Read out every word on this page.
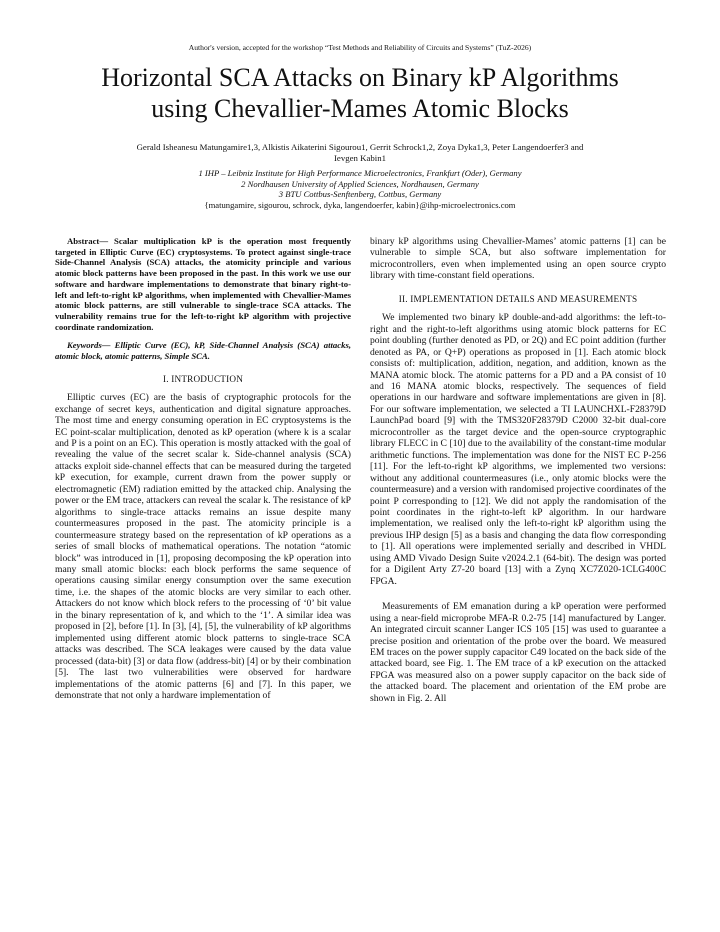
Author's version, accepted for the workshop “Test Methods and Reliability of Circuits and Systems” (TuZ-2026)
Horizontal SCA Attacks on Binary kP Algorithms
using Chevallier-Mames Atomic Blocks
Gerald Isheanesu Matungamire1,3, Alkistis Aikaterini Sigourou1, Gerrit Schrock1,2, Zoya Dyka1,3, Peter Langendoerfer3 and
Ievgen Kabin1
1 IHP – Leibniz Institute for High Performance Microelectronics, Frankfurt (Oder), Germany
2 Nordhausen University of Applied Sciences, Nordhausen, Germany
3 BTU Cottbus-Senftenberg, Cottbus, Germany
{matungamire, sigourou, schrock, dyka, langendoerfer, kabin}@ihp-microelectronics.com

Abstract— Scalar multiplication kP is the operation most frequently targeted in Elliptic Curve (EC) cryptosystems. To protect against single-trace Side-Channel Analysis (SCA) attacks, the atomicity principle and various atomic block patterns have been proposed in the past. In this work we use our software and hardware implementations to demonstrate that binary right-to-left and left-to-right kP algorithms, when implemented with Chevallier-Mames atomic block patterns, are still vulnerable to single-trace SCA attacks. The vulnerability remains true for the left-to-right kP algorithm with projective coordinate randomization.

Keywords— Elliptic Curve (EC), kP, Side-Channel Analysis (SCA) attacks, atomic block, atomic patterns, Simple SCA.

I. INTRODUCTION

Elliptic curves (EC) are the basis of cryptographic protocols for the exchange of secret keys, authentication and digital signature approaches. The most time and energy consuming operation in EC cryptosystems is the EC point-scalar multiplication, denoted as kP operation (where k is a scalar and P is a point on an EC). This operation is mostly attacked with the goal of revealing the value of the secret scalar k. Side-channel analysis (SCA) attacks exploit side-channel effects that can be measured during the targeted kP execution, for example, current drawn from the power supply or electromagnetic (EM) radiation emitted by the attacked chip. Analysing the power or the EM trace, attackers can reveal the scalar k. The resistance of kP algorithms to single-trace attacks remains an issue despite many countermeasures proposed in the past. The atomicity principle is a countermeasure strategy based on the representation of kP operations as a series of small blocks of mathematical operations. The notation “atomic block” was introduced in [1], proposing decomposing the kP operation into many small atomic blocks: each block performs the same sequence of operations causing similar energy consumption over the same execution time, i.e. the shapes of the atomic blocks are very similar to each other. Attackers do not know which block refers to the processing of ‘0’ bit value in the binary representation of k, and which to the ‘1’. A similar idea was proposed in [2], before [1]. In [3], [4], [5], the vulnerability of kP algorithms implemented using different atomic block patterns to single-trace SCA attacks was described. The SCA leakages were caused by the data value processed (data-bit) [3] or data flow (address-bit) [4] or by their combination [5]. The last two vulnerabilities were observed for hardware implementations of the atomic patterns [6] and [7]. In this paper, we demonstrate that not only a hardware implementation of

binary kP algorithms using Chevallier-Mames’ atomic patterns [1] can be vulnerable to simple SCA, but also software implementation for microcontrollers, even when implemented using an open source crypto library with time-constant field operations.

II. IMPLEMENTATION DETAILS AND MEASUREMENTS

We implemented two binary kP double-and-add algorithms: the left-to-right and the right-to-left algorithms using atomic block patterns for EC point doubling (further denoted as PD, or 2Q) and EC point addition (further denoted as PA, or Q+P) operations as proposed in [1]. Each atomic block consists of: multiplication, addition, negation, and addition, known as the MANA atomic block. The atomic patterns for a PD and a PA consist of 10 and 16 MANA atomic blocks, respectively. The sequences of field operations in our hardware and software implementations are given in [8]. For our software implementation, we selected a TI LAUNCHXL-F28379D LaunchPad board [9] with the TMS320F28379D C2000 32-bit dual-core microcontroller as the target device and the open-source cryptographic library FLECC in C [10] due to the availability of the constant-time modular arithmetic functions. The implementation was done for the NIST EC P-256 [11]. For the left-to-right kP algorithms, we implemented two versions: without any additional countermeasures (i.e., only atomic blocks were the countermeasure) and a version with randomised projective coordinates of the point P corresponding to [12]. We did not apply the randomisation of the point coordinates in the right-to-left kP algorithm. In our hardware implementation, we realised only the left-to-right kP algorithm using the previous IHP design [5] as a basis and changing the data flow corresponding to [1]. All operations were implemented serially and described in VHDL using AMD Vivado Design Suite v2024.2.1 (64-bit). The design was ported for a Digilent Arty Z7-20 board [13] with a Zynq XC7Z020-1CLG400C FPGA.

Measurements of EM emanation during a kP operation were performed using a near-field microprobe MFA-R 0.2-75 [14] manufactured by Langer. An integrated circuit scanner Langer ICS 105 [15] was used to guarantee a precise position and orientation of the probe over the board. We measured EM traces on the power supply capacitor C49 located on the back side of the attacked board, see Fig. 1. The EM trace of a kP execution on the attacked FPGA was measured also on a power supply capacitor on the back side of the attacked board. The placement and orientation of the EM probe are shown in Fig. 2. All
